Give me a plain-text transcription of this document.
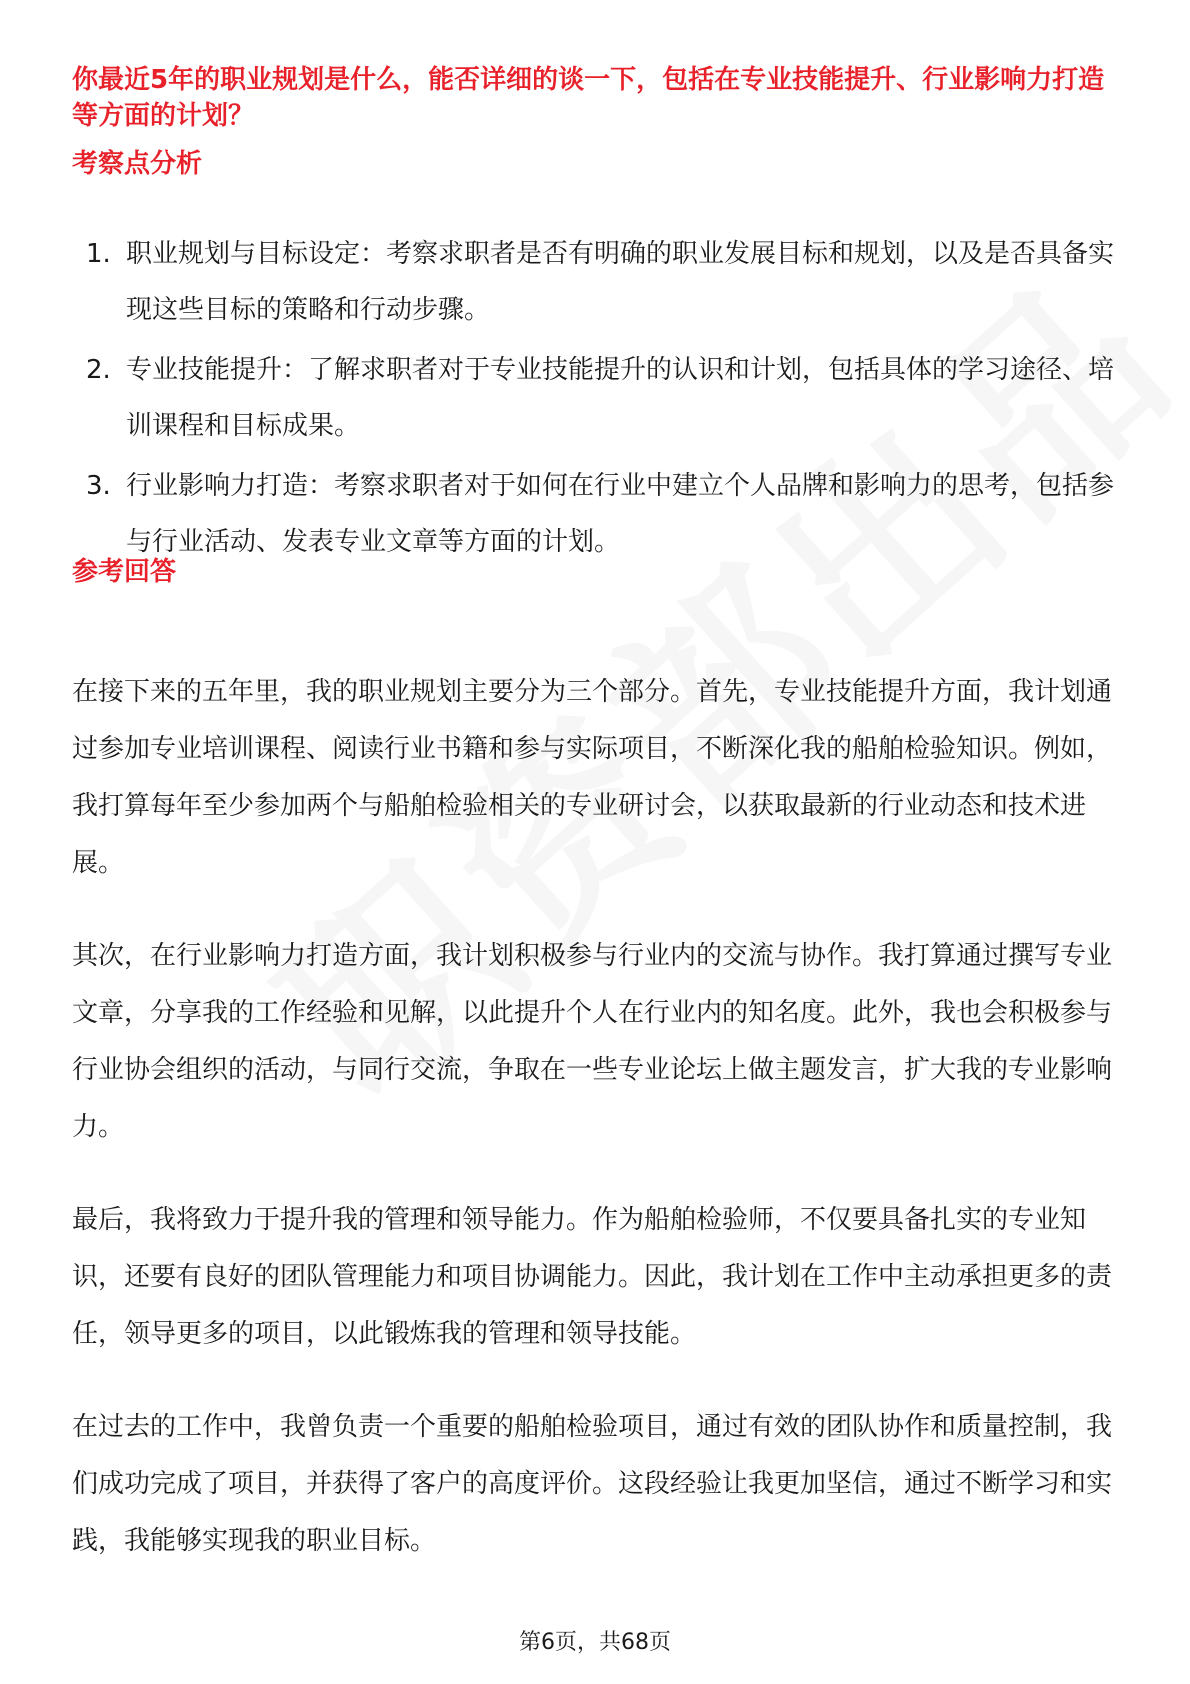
你最近5年的职业规划是什么，能否详细的谈一下，包括在专业技能提升、行业影响力打造等方面的计划？
考察点分析
1. 职业规划与目标设定：考察求职者是否有明确的职业发展目标和规划，以及是否具备实现这些目标的策略和行动步骤。
2. 专业技能提升：了解求职者对于专业技能提升的认识和计划，包括具体的学习途径、培训课程和目标成果。
3. 行业影响力打造：考察求职者对于如何在行业中建立个人品牌和影响力的思考，包括参与行业活动、发表专业文章等方面的计划。
参考回答

在接下来的五年里，我的职业规划主要分为三个部分。首先，专业技能提升方面，我计划通过参加专业培训课程、阅读行业书籍和参与实际项目，不断深化我的船舶检验知识。例如，我打算每年至少参加两个与船舶检验相关的专业研讨会，以获取最新的行业动态和技术进展。

其次，在行业影响力打造方面，我计划积极参与行业内的交流与协作。我打算通过撰写专业文章，分享我的工作经验和见解，以此提升个人在行业内的知名度。此外，我也会积极参与行业协会组织的活动，与同行交流，争取在一些专业论坛上做主题发言，扩大我的专业影响力。

最后，我将致力于提升我的管理和领导能力。作为船舶检验师，不仅要具备扎实的专业知识，还要有良好的团队管理能力和项目协调能力。因此，我计划在工作中主动承担更多的责任，领导更多的项目，以此锻炼我的管理和领导技能。

在过去的工作中，我曾负责一个重要的船舶检验项目，通过有效的团队协作和质量控制，我们成功完成了项目，并获得了客户的高度评价。这段经验让我更加坚信，通过不断学习和实践，我能够实现我的职业目标。

第6页，共68页
